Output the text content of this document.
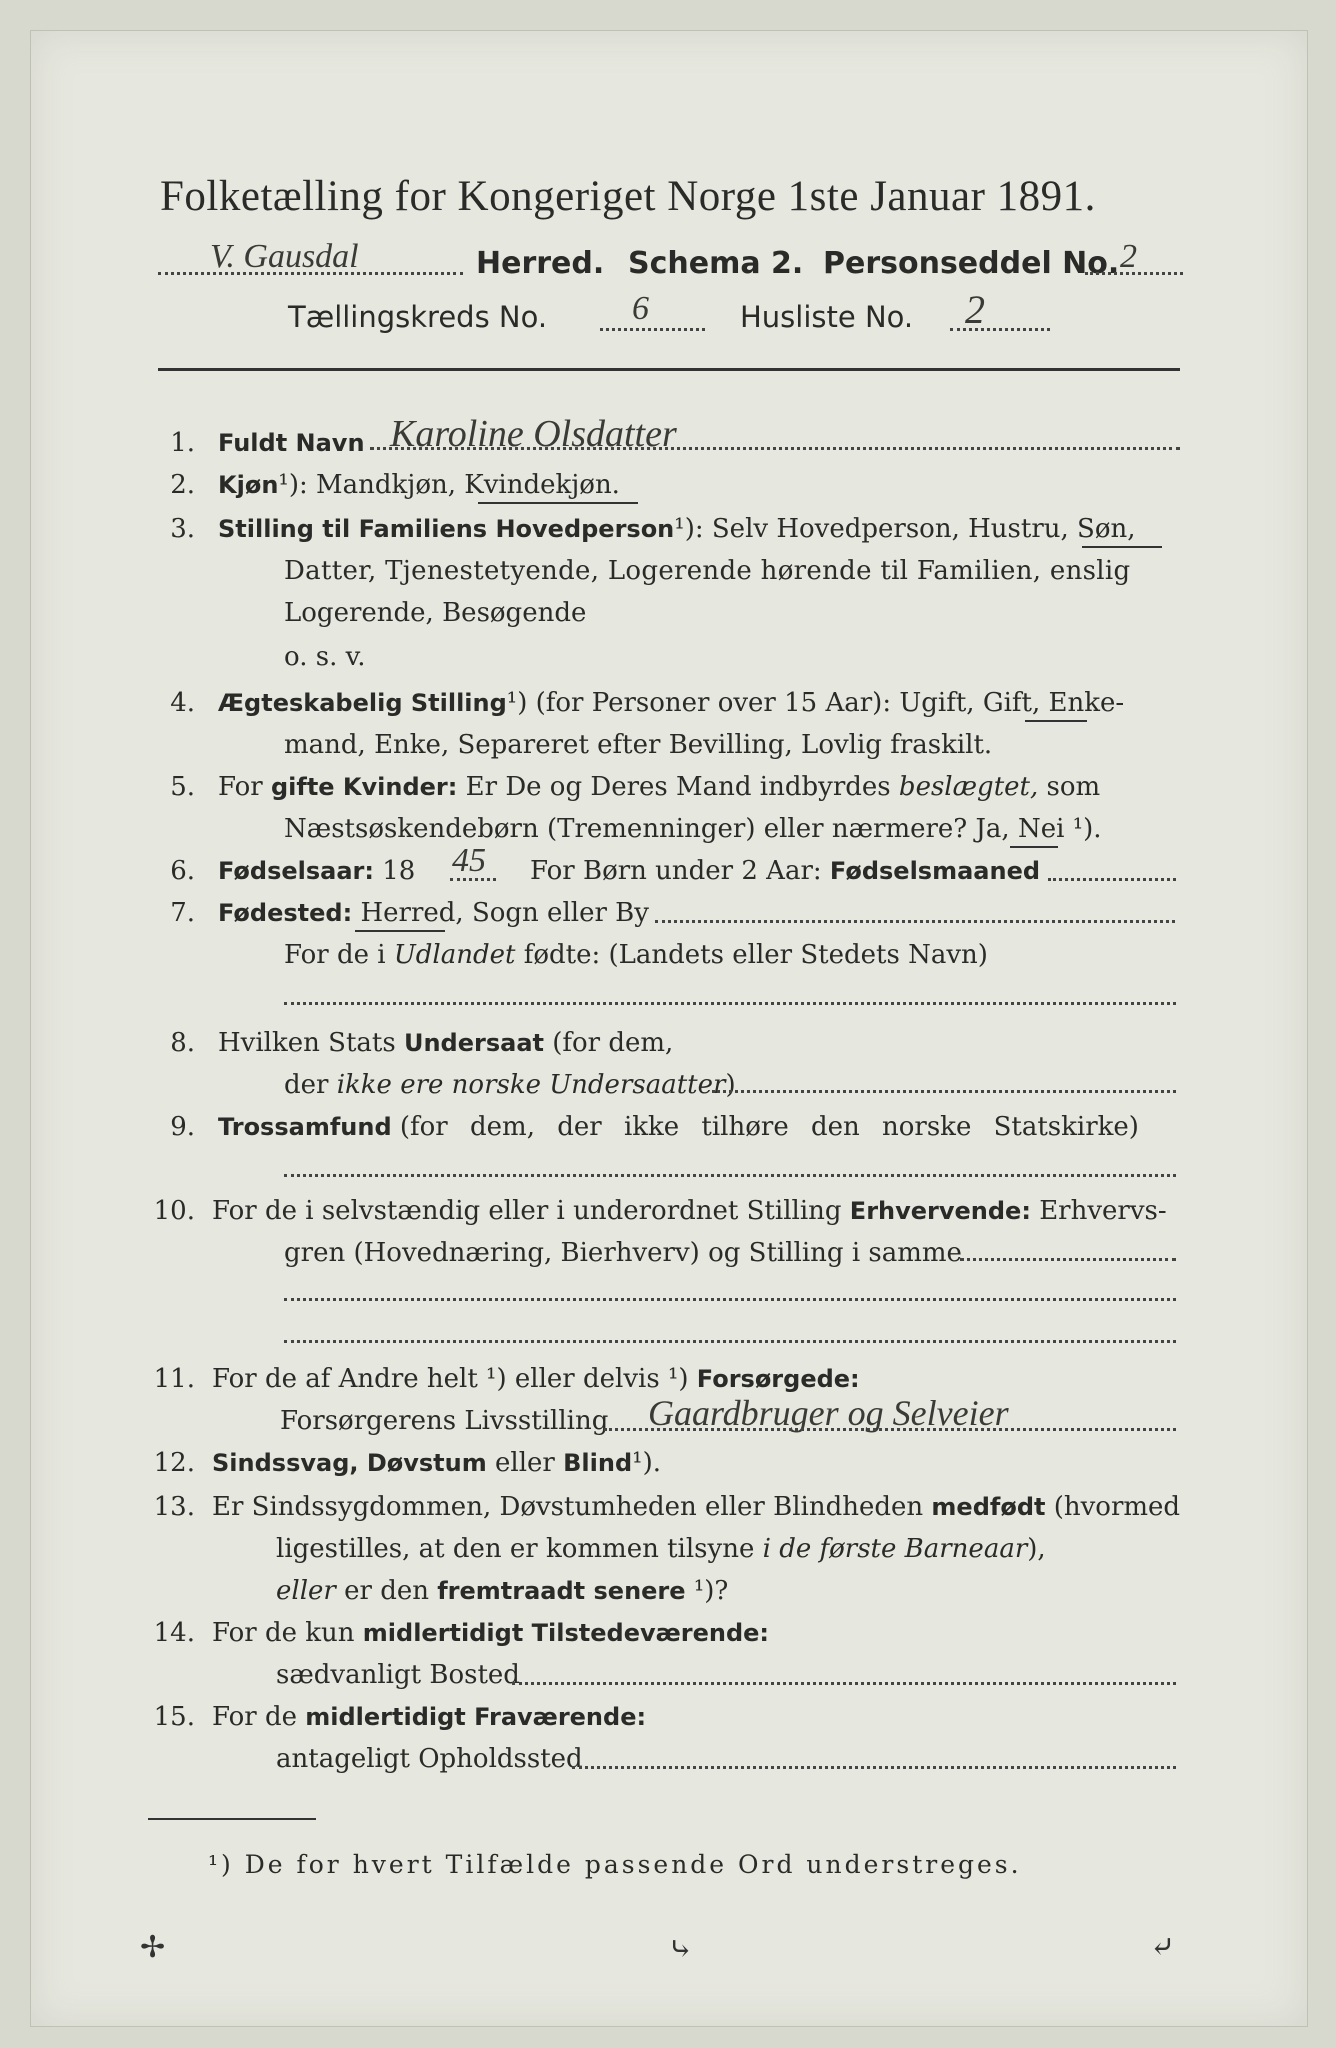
Folketælling for Kongeriget Norge 1ste Januar 1891.
V. Gausdal	Herred. Schema 2. Personseddel No. 2
Tællingskreds No. 6	Husliste No. 2
1. Fuldt Navn Karoline Olsdatter
2. Kjøn¹): Mandkjøn, Kvindekjøn.
3. Stilling til Familiens Hovedperson¹): Selv Hovedperson, Hustru, Søn,
Datter, Tjenestetyende, Logerende hørende til Familien, enslig
Logerende, Besøgende
o. s. v.
4. Ægteskabelig Stilling¹) (for Personer over 15 Aar): Ugift, Gift, Enke-
mand, Enke, Separeret efter Bevilling, Lovlig fraskilt.
5. For gifte Kvinder: Er De og Deres Mand indbyrdes beslægtet, som
Næstsøskendebørn (Tremenninger) eller nærmere? Ja, Nei ¹).
6. Fødselsaar: 18 45 For Børn under 2 Aar: Fødselsmaaned
7. Fødested: Herred, Sogn eller By
For de i Udlandet fødte: (Landets eller Stedets Navn)
8. Hvilken Stats Undersaat (for dem,
der ikke ere norske Undersaatter)
9. Trossamfund (for dem, der ikke tilhøre den norske Statskirke)
10. For de i selvstændig eller i underordnet Stilling Erhvervende: Erhvervs-
gren (Hovednæring, Bierhverv) og Stilling i samme
11. For de af Andre helt ¹) eller delvis ¹) Forsørgede:
Forsørgerens Livsstilling Gaardbruger og Selveier
12. Sindssvag, Døvstum eller Blind¹).
13. Er Sindssygdommen, Døvstumheden eller Blindheden medfødt (hvormed
ligestilles, at den er kommen tilsyne i de første Barneaar),
eller er den fremtraadt senere ¹)?
14. For de kun midlertidigt Tilstedeværende:
sædvanligt Bosted
15. For de midlertidigt Fraværende:
antageligt Opholdssted
¹) De for hvert Tilfælde passende Ord understreges.
✢	⤷	⤶
